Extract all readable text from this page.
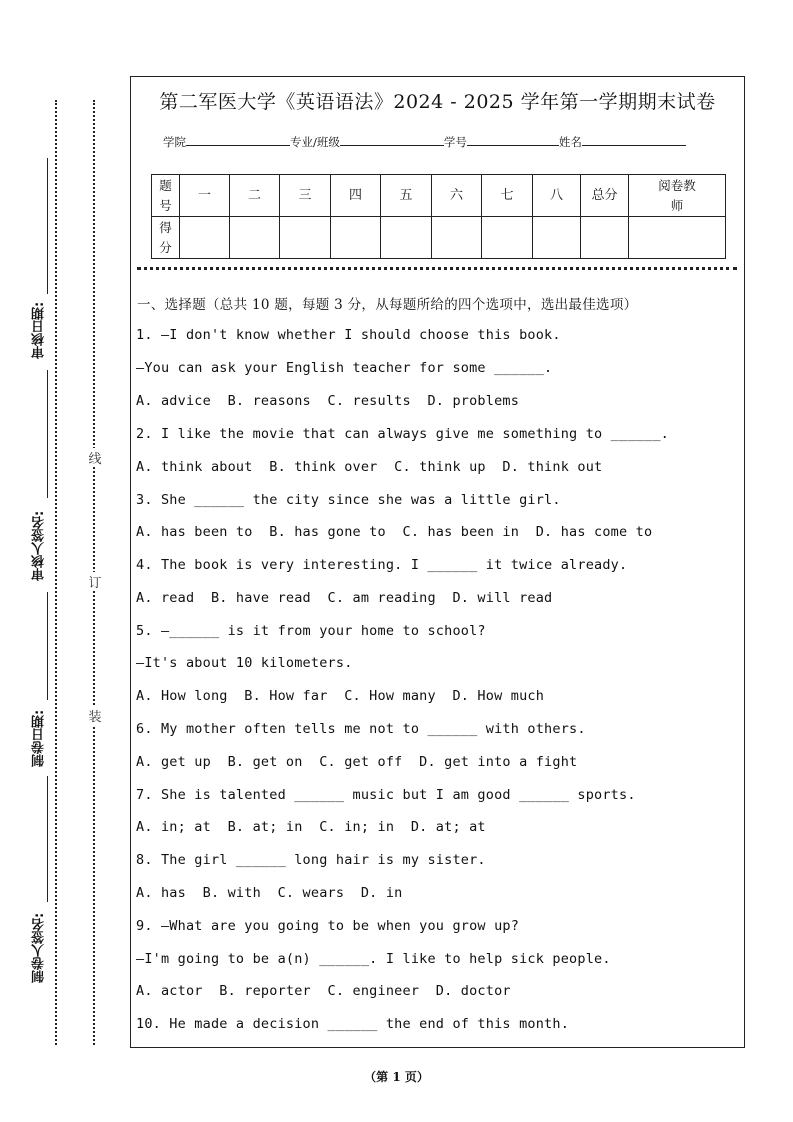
审核日期:
审核人签名:
制卷日期:
制卷人签名:
线
订
装
第二军医大学《英语语法》2024 - 2025 学年第一学期期末试卷
学院	专业/班级	学号	姓名
题号	一	二	三	四	五	六	七	八	总分	阅卷教师
得分										
一、选择题（总共 10 题，每题 3 分，从每题所给的四个选项中，选出最佳选项）
1. —I don't know whether I should choose this book.
—You can ask your English teacher for some ______.
A. advice  B. reasons  C. results  D. problems
2. I like the movie that can always give me something to ______.
A. think about  B. think over  C. think up  D. think out
3. She ______ the city since she was a little girl.
A. has been to  B. has gone to  C. has been in  D. has come to
4. The book is very interesting. I ______ it twice already.
A. read  B. have read  C. am reading  D. will read
5. —______ is it from your home to school?
—It's about 10 kilometers.
A. How long  B. How far  C. How many  D. How much
6. My mother often tells me not to ______ with others.
A. get up  B. get on  C. get off  D. get into a fight
7. She is talented ______ music but I am good ______ sports.
A. in; at  B. at; in  C. in; in  D. at; at
8. The girl ______ long hair is my sister.
A. has  B. with  C. wears  D. in
9. —What are you going to be when you grow up?
—I'm going to be a(n) ______. I like to help sick people.
A. actor  B. reporter  C. engineer  D. doctor
10. He made a decision ______ the end of this month.
（第 1 页）
